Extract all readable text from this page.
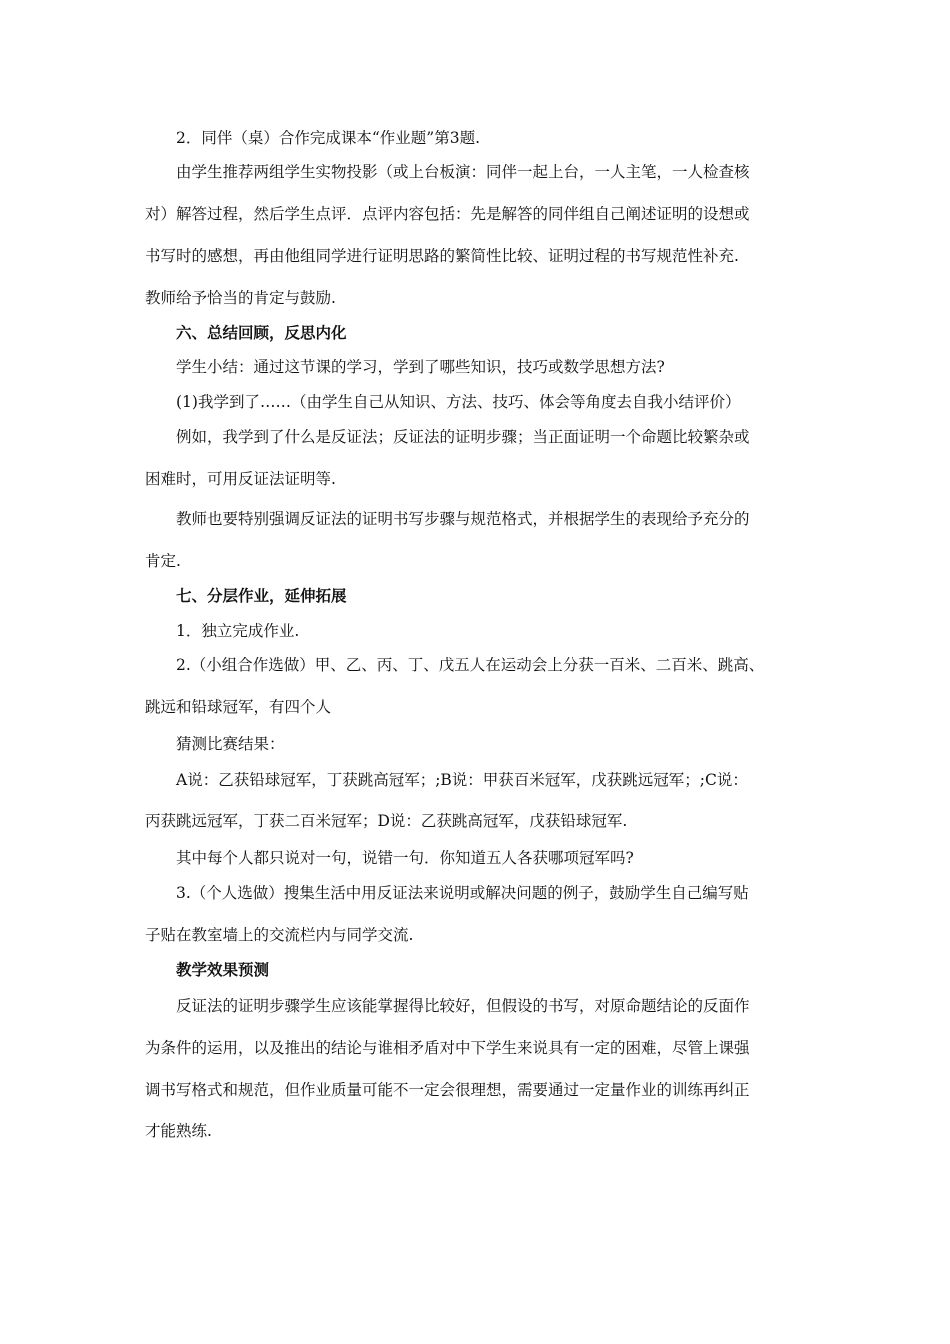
2．同伴（桌）合作完成课本“作业题”第3题.
由学生推荐两组学生实物投影（或上台板演：同伴一起上台，一人主笔，一人检查核
对）解答过程，然后学生点评．点评内容包括：先是解答的同伴组自己阐述证明的设想或
书写时的感想，再由他组同学进行证明思路的繁简性比较、证明过程的书写规范性补充.
教师给予恰当的肯定与鼓励.
六、总结回顾，反思内化
学生小结：通过这节课的学习，学到了哪些知识，技巧或数学思想方法?
(1)我学到了……（由学生自己从知识、方法、技巧、体会等角度去自我小结评价）
例如，我学到了什么是反证法；反证法的证明步骤；当正面证明一个命题比较繁杂或
困难时，可用反证法证明等.
教师也要特别强调反证法的证明书写步骤与规范格式，并根据学生的表现给予充分的
肯定.
七、分层作业，延伸拓展
1．独立完成作业.
2.（小组合作选做）甲、乙、丙、丁、戊五人在运动会上分获一百米、二百米、跳高、
跳远和铅球冠军，有四个人
猜测比赛结果：
A说：乙获铅球冠军，丁获跳高冠军；;B说：甲获百米冠军，戊获跳远冠军；;C说：
丙获跳远冠军，丁获二百米冠军；D说：乙获跳高冠军，戊获铅球冠军.
其中每个人都只说对一句，说错一句．你知道五人各获哪项冠军吗?
3.（个人选做）搜集生活中用反证法来说明或解决问题的例子，鼓励学生自己编写贴
子贴在教室墙上的交流栏内与同学交流.
教学效果预测
反证法的证明步骤学生应该能掌握得比较好，但假设的书写，对原命题结论的反面作
为条件的运用，以及推出的结论与谁相矛盾对中下学生来说具有一定的困难，尽管上课强
调书写格式和规范，但作业质量可能不一定会很理想，需要通过一定量作业的训练再纠正
才能熟练.
